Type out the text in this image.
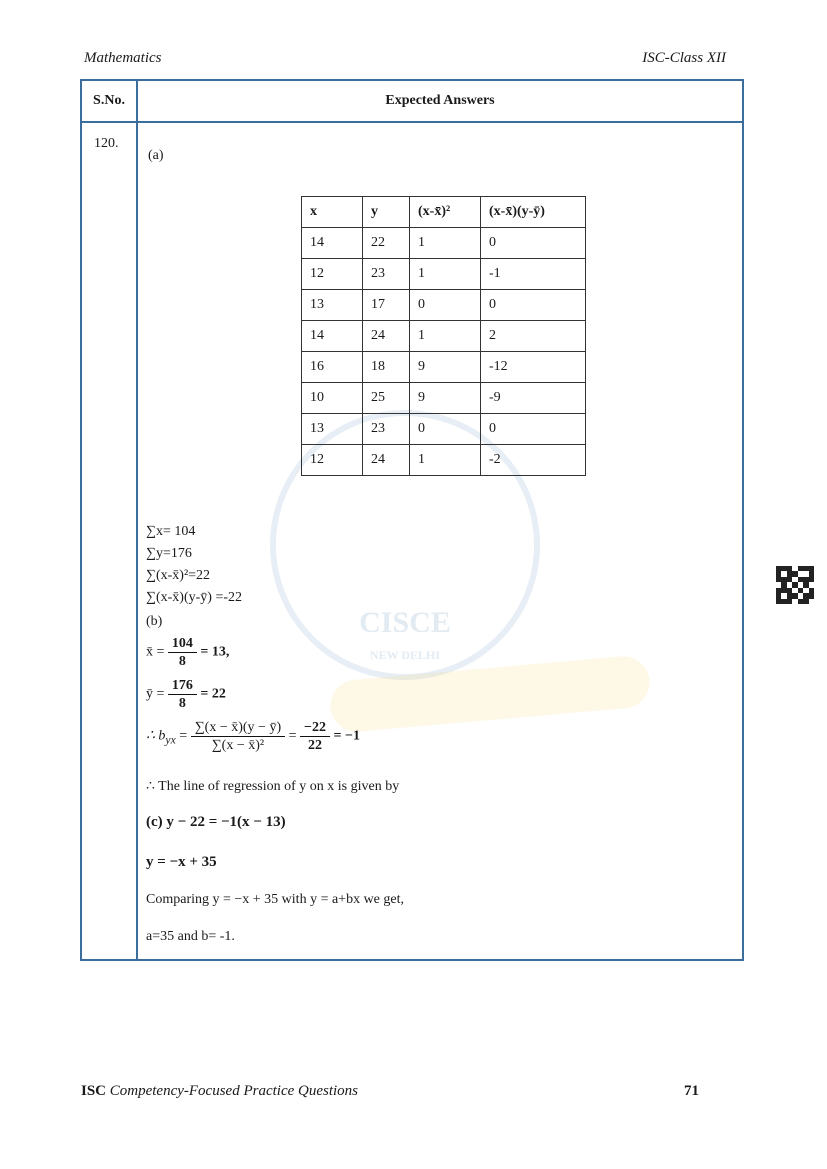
Mathematics	ISC-Class XII
CISCE
NEW DELHI
S.No.	Expected Answers
120.
(a)
x	y	(x-x̄)²	(x-x̄)(y-ȳ)
14	22	1	0
12	23	1	-1
13	17	0	0
14	24	1	2
16	18	9	-12
10	25	9	-9
13	23	0	0
12	24	1	-2
∑x= 104
∑y=176
∑(x-x̄)²=22
∑(x-x̄)(y-ȳ) =-22
(b)
x̄ = $\frac{104}{8} = 13$,
ȳ = $\frac{176}{8} = 22$
∴ $b_{yx} = \frac{\sum(x - x̄)(y - ȳ)}{\text{∑(x − x̄)²}} = \frac{-22}{22} = -1$
∴ The line of regression of y on x is given by
(c) y − 22 = −1(x − 13)
y = −x + 35
Comparing y = −x + 35 with y = a+bx we get,
a=35 and b= -1.
ISC Competency-Focused Practice Questions	71
